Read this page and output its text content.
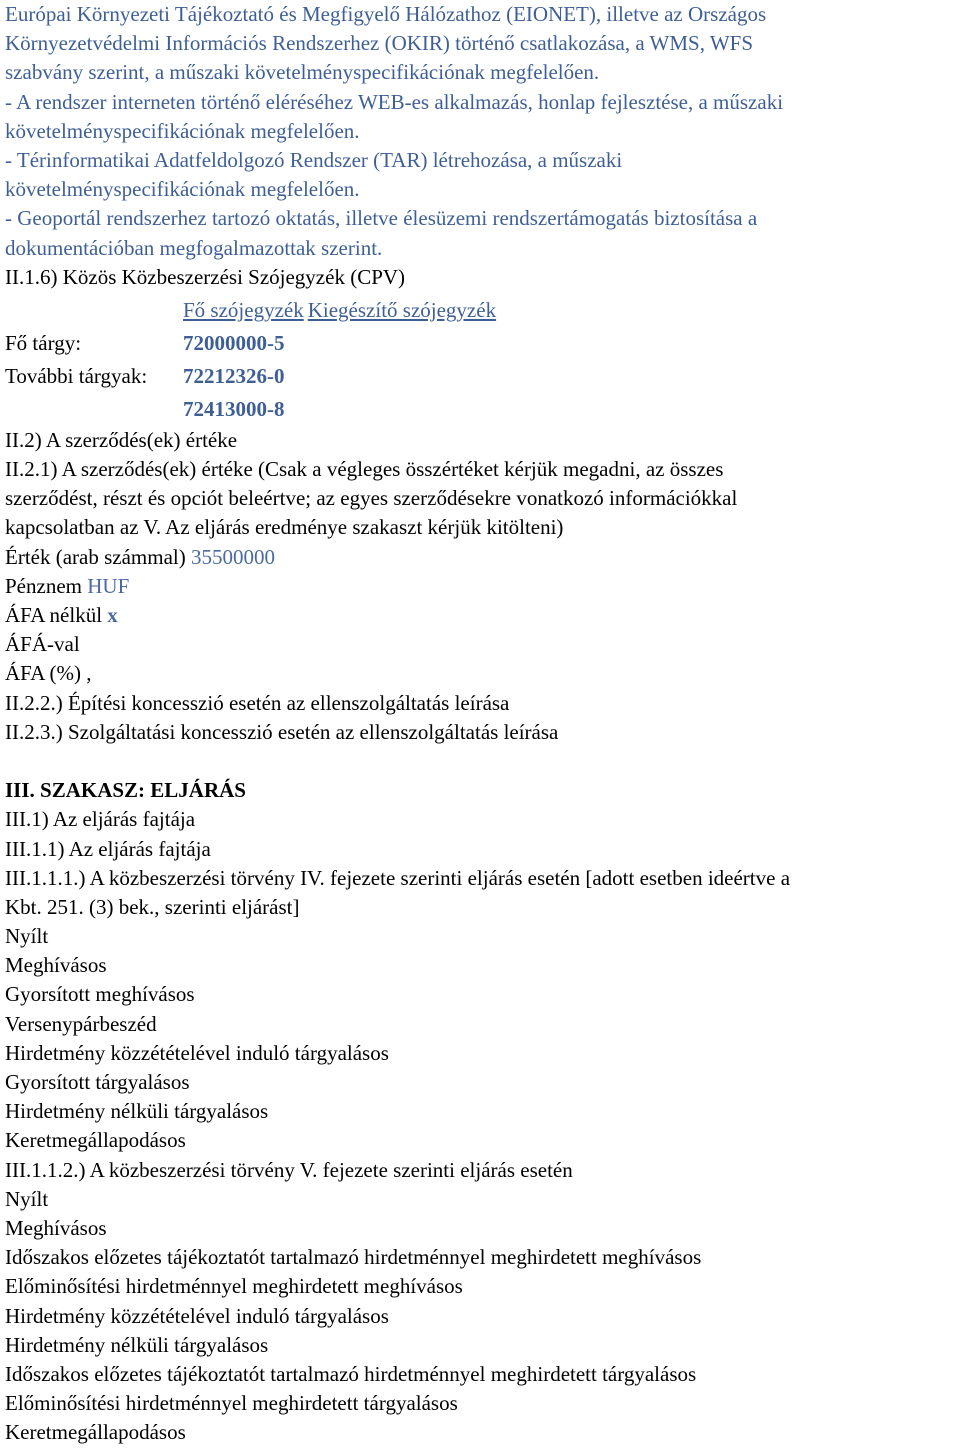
Európai Környezeti Tájékoztató és Megfigyelő Hálózathoz (EIONET), illetve az Országos
Környezetvédelmi Információs Rendszerhez (OKIR) történő csatlakozása, a WMS, WFS
szabvány szerint, a műszaki követelményspecifikációnak megfelelően.
- A rendszer interneten történő eléréséhez WEB-es alkalmazás, honlap fejlesztése, a műszaki
követelményspecifikációnak megfelelően.
- Térinformatikai Adatfeldolgozó Rendszer (TAR) létrehozása, a műszaki
követelményspecifikációnak megfelelően.
- Geoportál rendszerhez tartozó oktatás, illetve élesüzemi rendszertámogatás biztosítása a
dokumentációban megfogalmazottak szerint.
II.1.6) Közös Közbeszerzési Szójegyzék (CPV)
	Fő szójegyzék Kiegészítő szójegyzék
Fő tárgy:	72000000-5
További tárgyak:	72212326-0
	72413000-8
II.2) A szerződés(ek) értéke
II.2.1) A szerződés(ek) értéke (Csak a végleges összértéket kérjük megadni, az összes
szerződést, részt és opciót beleértve; az egyes szerződésekre vonatkozó információkkal
kapcsolatban az V. Az eljárás eredménye szakaszt kérjük kitölteni)
Érték (arab számmal) 35500000
Pénznem HUF
ÁFA nélkül x
ÁFÁ-val
ÁFA (%) ,
II.2.2.) Építési koncesszió esetén az ellenszolgáltatás leírása
II.2.3.) Szolgáltatási koncesszió esetén az ellenszolgáltatás leírása
III. SZAKASZ: ELJÁRÁS
III.1) Az eljárás fajtája
III.1.1) Az eljárás fajtája
III.1.1.1.) A közbeszerzési törvény IV. fejezete szerinti eljárás esetén [adott esetben ideértve a
Kbt. 251. (3) bek., szerinti eljárást]
Nyílt
Meghívásos
Gyorsított meghívásos
Versenypárbeszéd
Hirdetmény közzétételével induló tárgyalásos
Gyorsított tárgyalásos
Hirdetmény nélküli tárgyalásos
Keretmegállapodásos
III.1.1.2.) A közbeszerzési törvény V. fejezete szerinti eljárás esetén
Nyílt
Meghívásos
Időszakos előzetes tájékoztatót tartalmazó hirdetménnyel meghirdetett meghívásos
Előminősítési hirdetménnyel meghirdetett meghívásos
Hirdetmény közzétételével induló tárgyalásos
Hirdetmény nélküli tárgyalásos
Időszakos előzetes tájékoztatót tartalmazó hirdetménnyel meghirdetett tárgyalásos
Előminősítési hirdetménnyel meghirdetett tárgyalásos
Keretmegállapodásos
